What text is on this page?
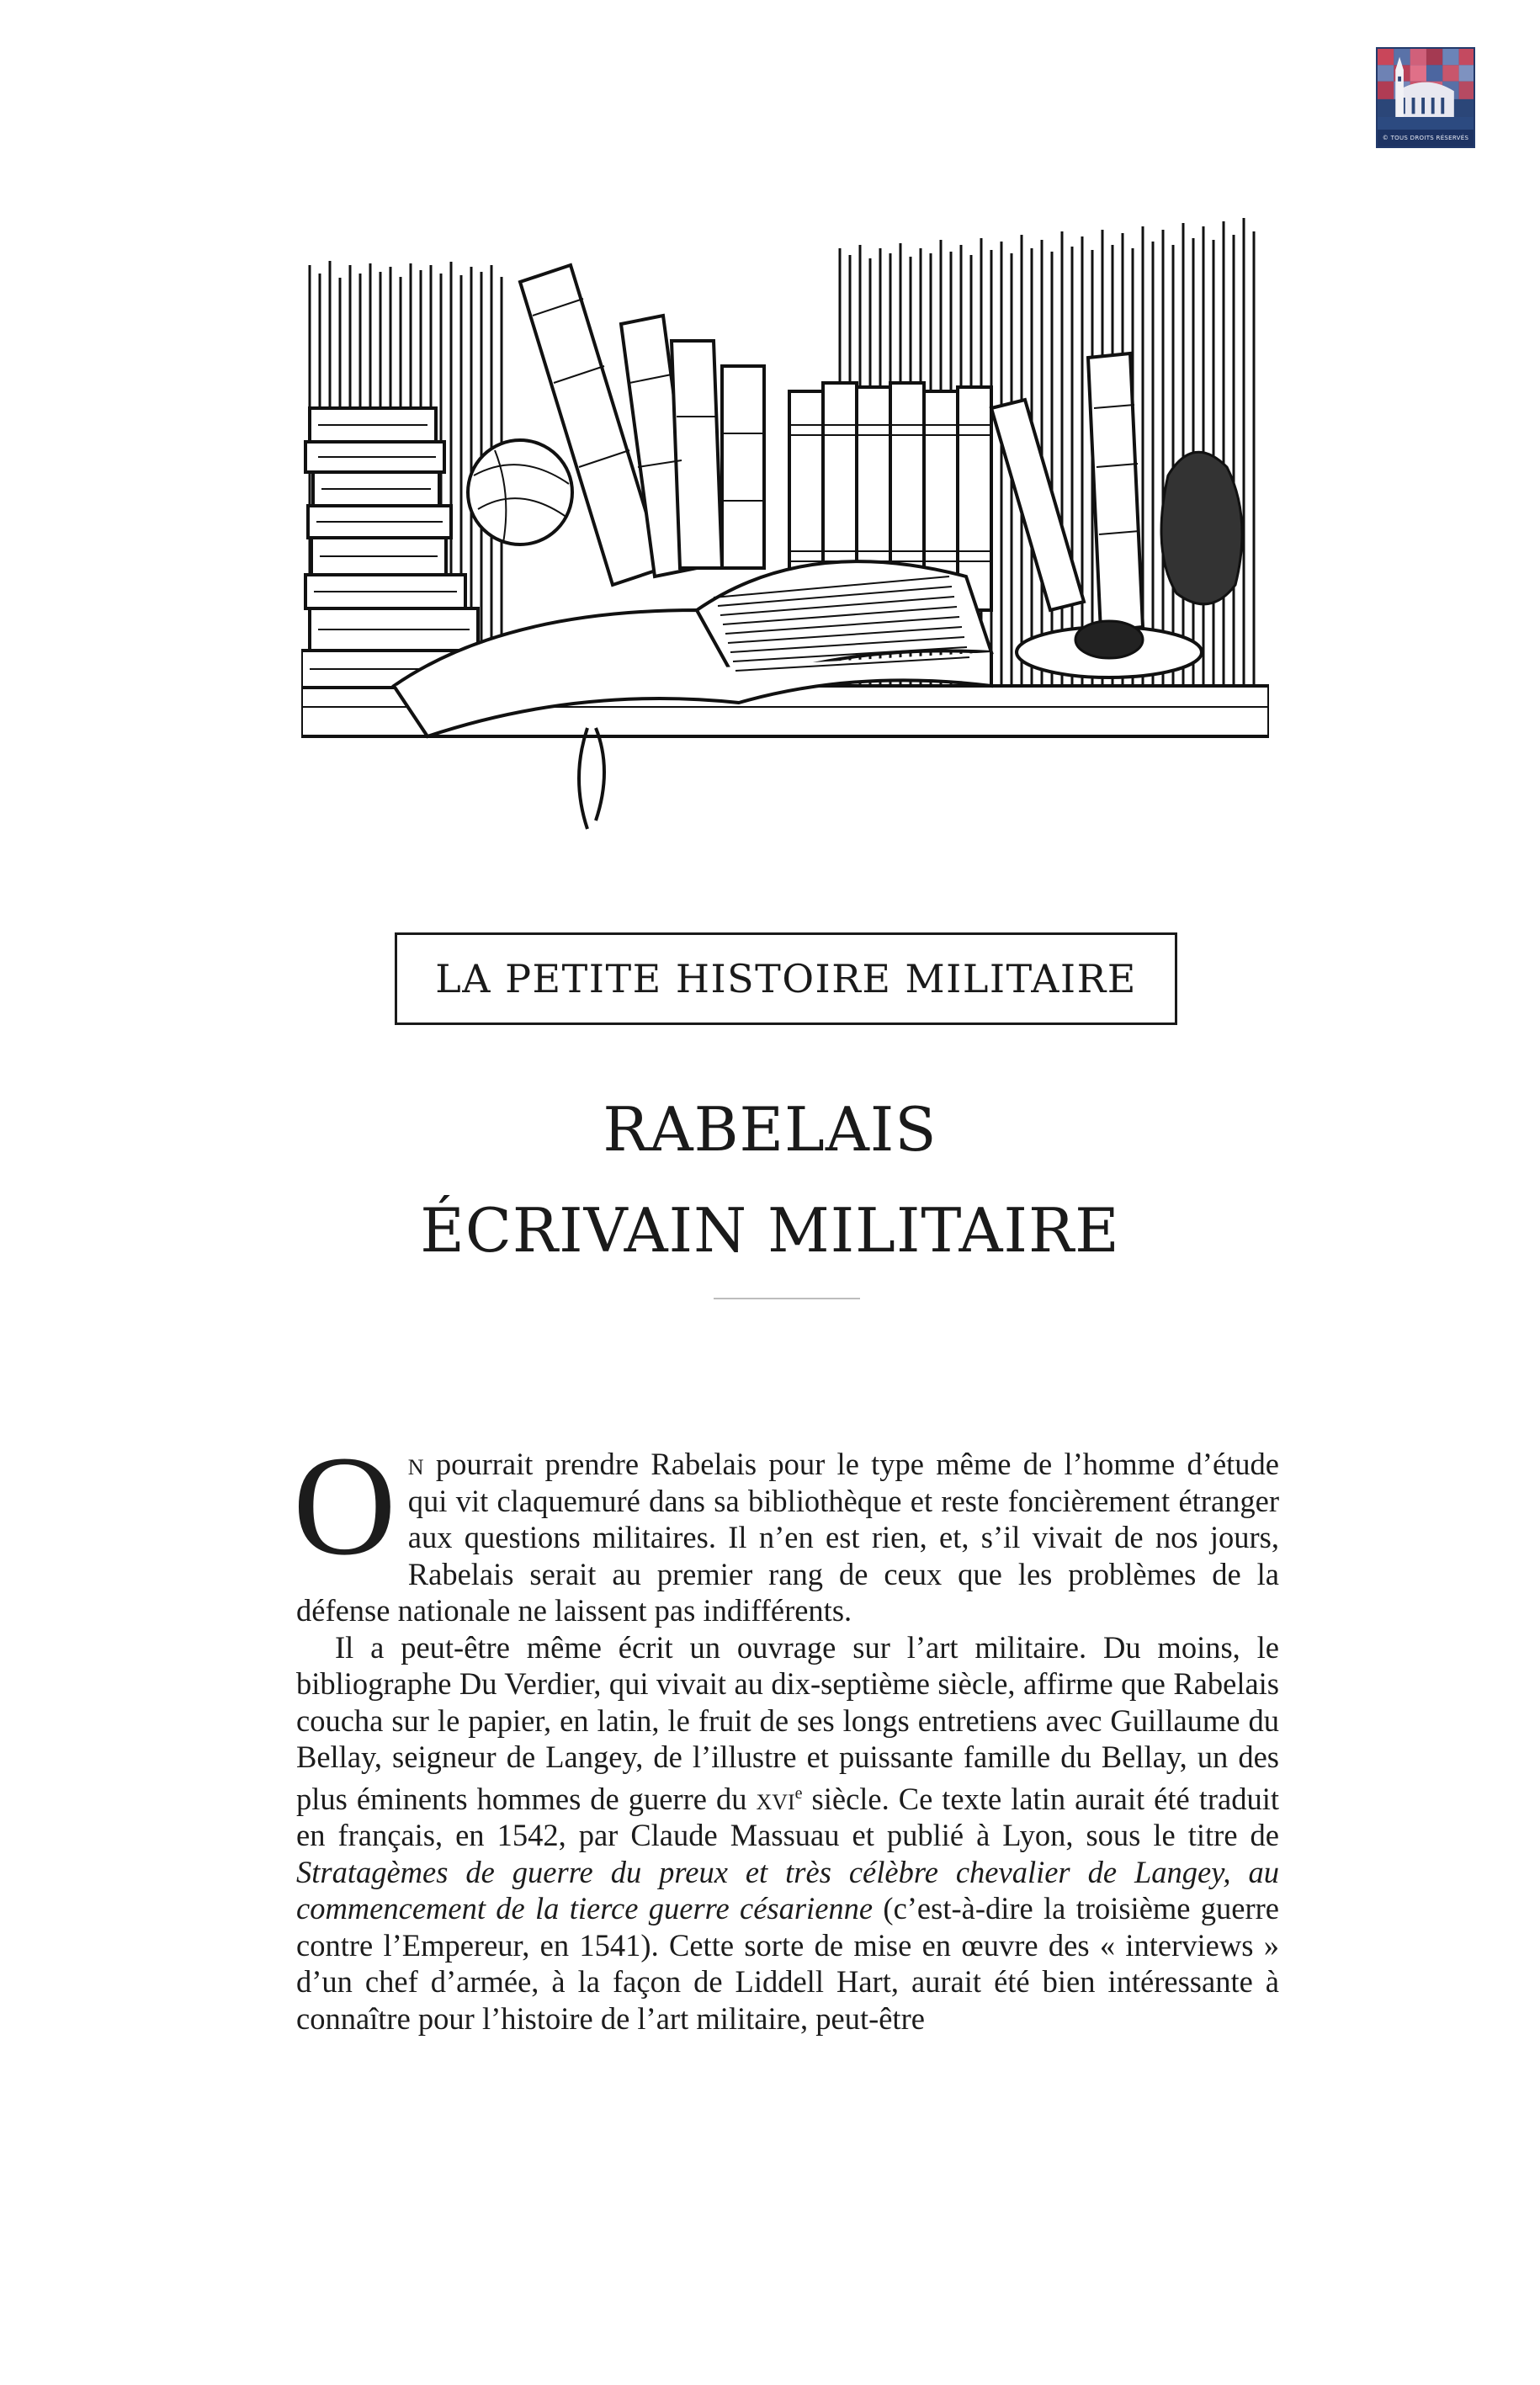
© TOUS DROITS RÉSERVÉS
LA PETITE HISTOIRE MILITAIRE
RABELAIS
ÉCRIVAIN MILITAIRE

On pourrait prendre Rabelais pour le type même de l’homme d’étude qui vit claquemuré dans sa bibliothèque et reste foncièrement étranger aux questions militaires. Il n’en est rien, et, s’il vivait de nos jours, Rabelais serait au premier rang de ceux que les problèmes de la défense nationale ne laissent pas indifférents.

Il a peut-être même écrit un ouvrage sur l’art militaire. Du moins, le bibliographe Du Verdier, qui vivait au dix-septième siècle, affirme que Rabelais coucha sur le papier, en latin, le fruit de ses longs entretiens avec Guillaume du Bellay, seigneur de Langey, de l’illustre et puissante famille du Bellay, un des plus éminents hommes de guerre du xvi$^e$ siècle. Ce texte latin aurait été traduit en français, en 1542, par Claude Massuau et publié à Lyon, sous le titre de Stratagèmes de guerre du preux et très célèbre chevalier de Langey, au commencement de la tierce guerre césarienne (c’est-à-dire la troisième guerre contre l’Empereur, en 1541). Cette sorte de mise en œuvre des « interviews » d’un chef d’armée, à la façon de Liddell Hart, aurait été bien intéressante à connaître pour l’histoire de l’art militaire, peut-être
